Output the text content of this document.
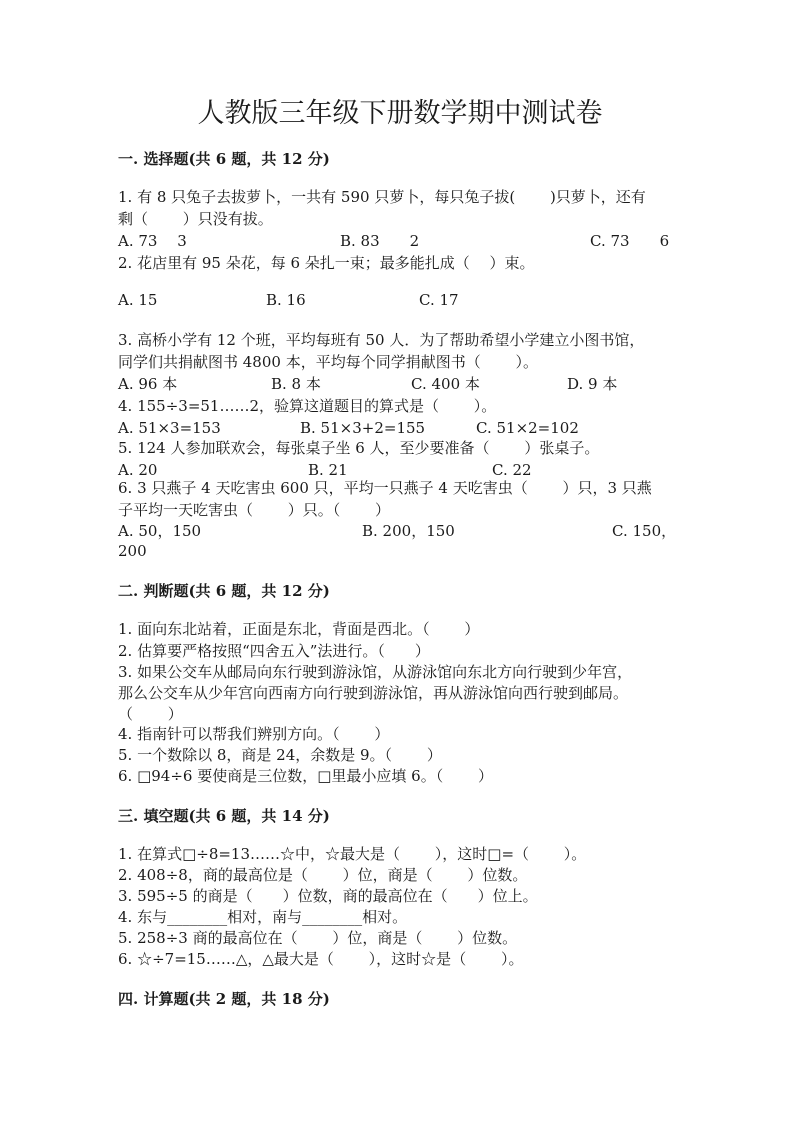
人教版三年级下册数学期中测试卷
一. 选择题(共 6 题，共 12 分)
1. 有 8 只兔子去拔萝卜，一共有 590 只萝卜，每只兔子拔(　　 )只萝卜，还有
剩（　　 ）只没有拔。
A. 73　 3	B. 83　　2	C. 73　　6
2. 花店里有 95 朵花，每 6 朵扎一束；最多能扎成（　 ）束。
A. 15	B. 16	C. 17
3. 高桥小学有 12 个班，平均每班有 50 人．为了帮助希望小学建立小图书馆，
同学们共捐献图书 4800 本，平均每个同学捐献图书（　　 ）。
A. 96 本	B. 8 本	C. 400 本	D. 9 本
4. 155÷3=51……2，验算这道题目的算式是（　　 ）。
A. 51×3=153	B. 51×3+2=155	C. 51×2=102
5. 124 人参加联欢会，每张桌子坐 6 人，至少要准备（　　 ）张桌子。
A. 20	B. 21	C. 22
6. 3 只燕子 4 天吃害虫 600 只，平均一只燕子 4 天吃害虫（　　 ）只，3 只燕
子平均一天吃害虫（　　 ）只。（　　 ）
A. 50，150	B. 200，150	C. 150，
200
二. 判断题(共 6 题，共 12 分)
1. 面向东北站着，正面是东北，背面是西北。（　　 ）
2. 估算要严格按照“四舍五入”法进行。（　　）
3. 如果公交车从邮局向东行驶到游泳馆，从游泳馆向东北方向行驶到少年宫，
那么公交车从少年宫向西南方向行驶到游泳馆，再从游泳馆向西行驶到邮局。
（　　 ）
4. 指南针可以帮我们辨别方向。（　　 ）
5. 一个数除以 8，商是 24，余数是 9。（　　 ）
6. □94÷6 要使商是三位数，□里最小应填 6。（　　 ）
三. 填空题(共 6 题，共 14 分)
1. 在算式□÷8=13……☆中，☆最大是（　　 ），这时□=（　　 ）。
2. 408÷8，商的最高位是（　　 ）位，商是（　　 ）位数。
3. 595÷5 的商是（　　）位数，商的最高位在（　　）位上。
4. 东与________相对，南与________相对。
5. 258÷3 商的最高位在（　　 ）位，商是（　　 ）位数。
6. ☆÷7=15……△，△最大是（　　 ），这时☆是（　　 ）。
四. 计算题(共 2 题，共 18 分)
